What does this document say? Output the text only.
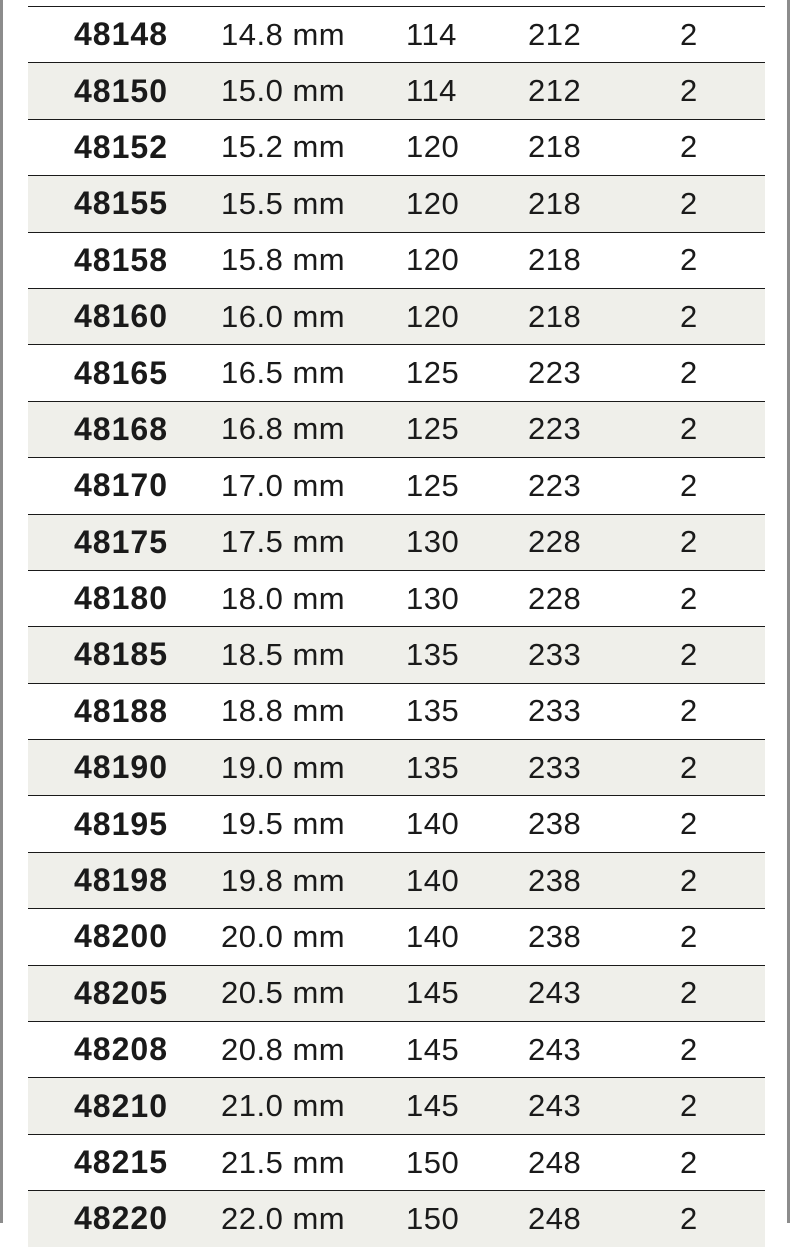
48148 14.8 mm 114 212	2
48150 15.0 mm 114 212	2
48152 15.2 mm 120 218	2
48155 15.5 mm 120 218	2
48158 15.8 mm 120 218	2
48160 16.0 mm 120 218	2
48165 16.5 mm 125 223	2
48168 16.8 mm 125 223	2
48170 17.0 mm 125 223	2
48175 17.5 mm 130 228	2
48180 18.0 mm 130 228	2
48185 18.5 mm 135 233	2
48188 18.8 mm 135 233	2
48190 19.0 mm 135 233	2
48195 19.5 mm 140 238	2
48198 19.8 mm 140 238	2
48200 20.0 mm 140 238	2
48205 20.5 mm 145 243	2
48208 20.8 mm 145 243	2
48210 21.0 mm 145 243	2
48215 21.5 mm 150 248	2
48220 22.0 mm 150 248	2
